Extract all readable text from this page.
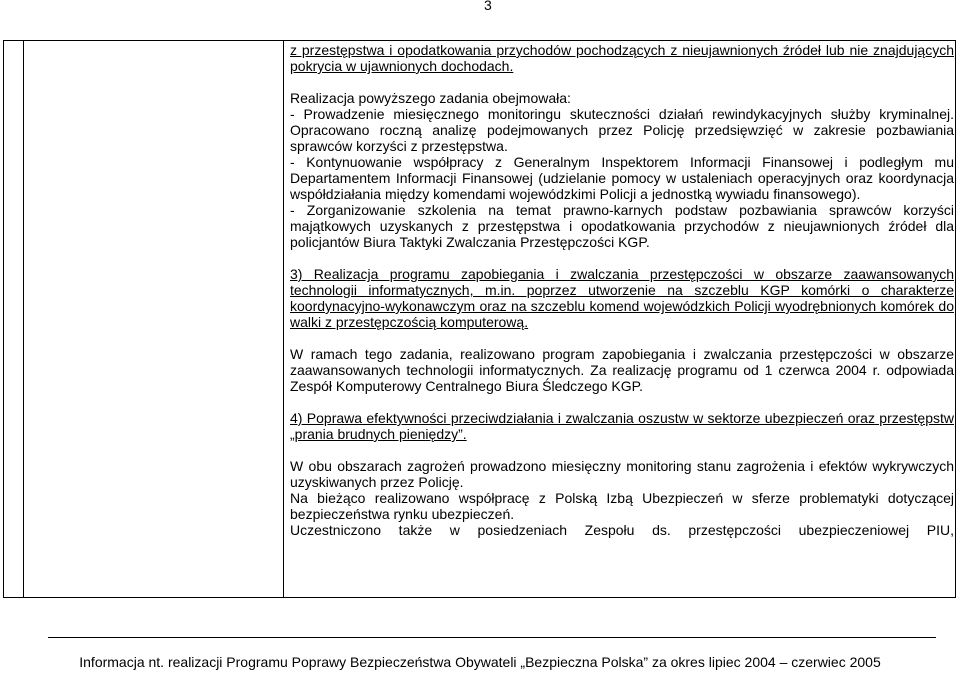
3

z przestępstwa i opodatkowania przychodów pochodzących z nieujawnionych źródeł lub nie znajdujących pokrycia w ujawnionych dochodach.

Realizacja powyższego zadania obejmowała:

- Prowadzenie miesięcznego monitoringu skuteczności działań rewindykacyjnych służby kryminalnej. Opracowano roczną analizę podejmowanych przez Policję przedsięwzięć w zakresie pozbawiania sprawców korzyści z przestępstwa.

- Kontynuowanie współpracy z Generalnym Inspektorem Informacji Finansowej i podległym mu Departamentem Informacji Finansowej (udzielanie pomocy w ustaleniach operacyjnych oraz koordynacja współdziałania między komendami wojewódzkimi Policji a jednostką wywiadu finansowego).

- Zorganizowanie szkolenia na temat prawno-karnych podstaw pozbawiania sprawców korzyści majątkowych uzyskanych z przestępstwa i opodatkowania przychodów z nieujawnionych źródeł dla policjantów Biura Taktyki Zwalczania Przestępczości KGP.

3) Realizacja programu zapobiegania i zwalczania przestępczości w obszarze zaawansowanych technologii informatycznych, m.in. poprzez utworzenie na szczeblu KGP komórki o charakterze koordynacyjno-wykonawczym oraz na szczeblu komend wojewódzkich Policji wyodrębnionych komórek do walki z przestępczością komputerową.

W ramach tego zadania, realizowano program zapobiegania i zwalczania przestępczości w obszarze zaawansowanych technologii informatycznych. Za realizację programu od 1 czerwca 2004 r. odpowiada Zespół Komputerowy Centralnego Biura Śledczego KGP.

4) Poprawa efektywności przeciwdziałania i zwalczania oszustw w sektorze ubezpieczeń oraz przestępstw „prania brudnych pieniędzy”.

W obu obszarach zagrożeń prowadzono miesięczny monitoring stanu zagrożenia i efektów wykrywczych uzyskiwanych przez Policję.

Na bieżąco realizowano współpracę z Polską Izbą Ubezpieczeń w sferze problematyki dotyczącej bezpieczeństwa rynku ubezpieczeń.

Uczestniczono także w posiedzeniach Zespołu ds. przestępczości ubezpieczeniowej PIU,

Informacja nt. realizacji Programu Poprawy Bezpieczeństwa Obywateli „Bezpieczna Polska” za okres lipiec 2004 – czerwiec 2005
